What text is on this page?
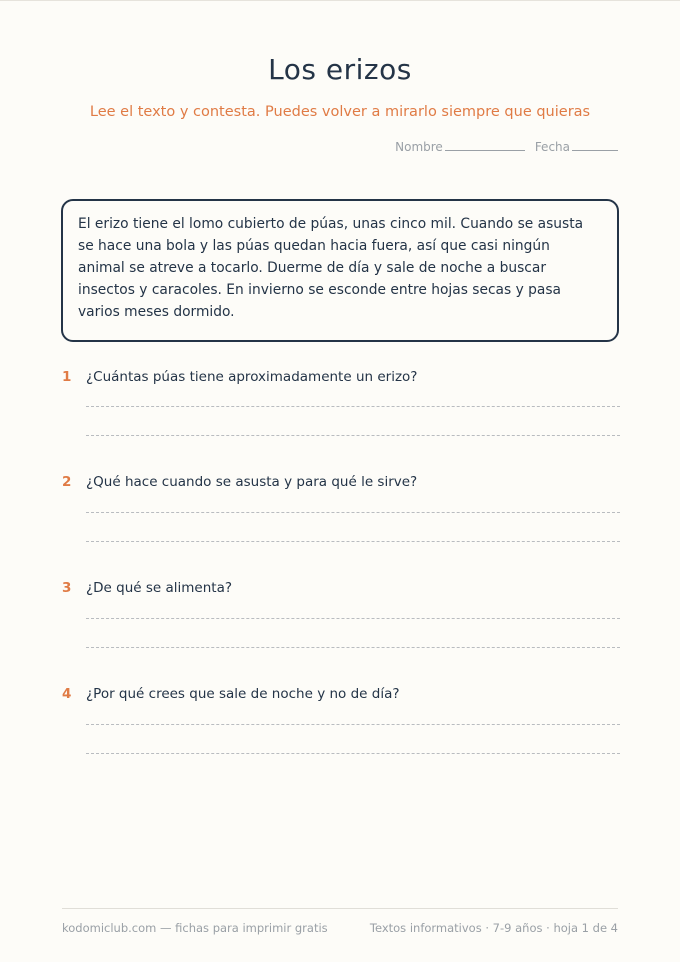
Los erizos

Lee el texto y contesta. Puedes volver a mirarlo siempre que quieras

Nombre	Fecha
El erizo tiene el lomo cubierto de púas, unas cinco mil. Cuando se asusta se hace una bola y las púas quedan hacia fuera, así que casi ningún animal se atreve a tocarlo. Duerme de día y sale de noche a buscar insectos y caracoles. En invierno se esconde entre hojas secas y pasa varios meses dormido.
1	¿Cuántas púas tiene aproximadamente un erizo?
2	¿Qué hace cuando se asusta y para qué le sirve?
3	¿De qué se alimenta?
4	¿Por qué crees que sale de noche y no de día?
kodomiclub.com — fichas para imprimir gratis	Textos informativos · 7-9 años · hoja 1 de 4
